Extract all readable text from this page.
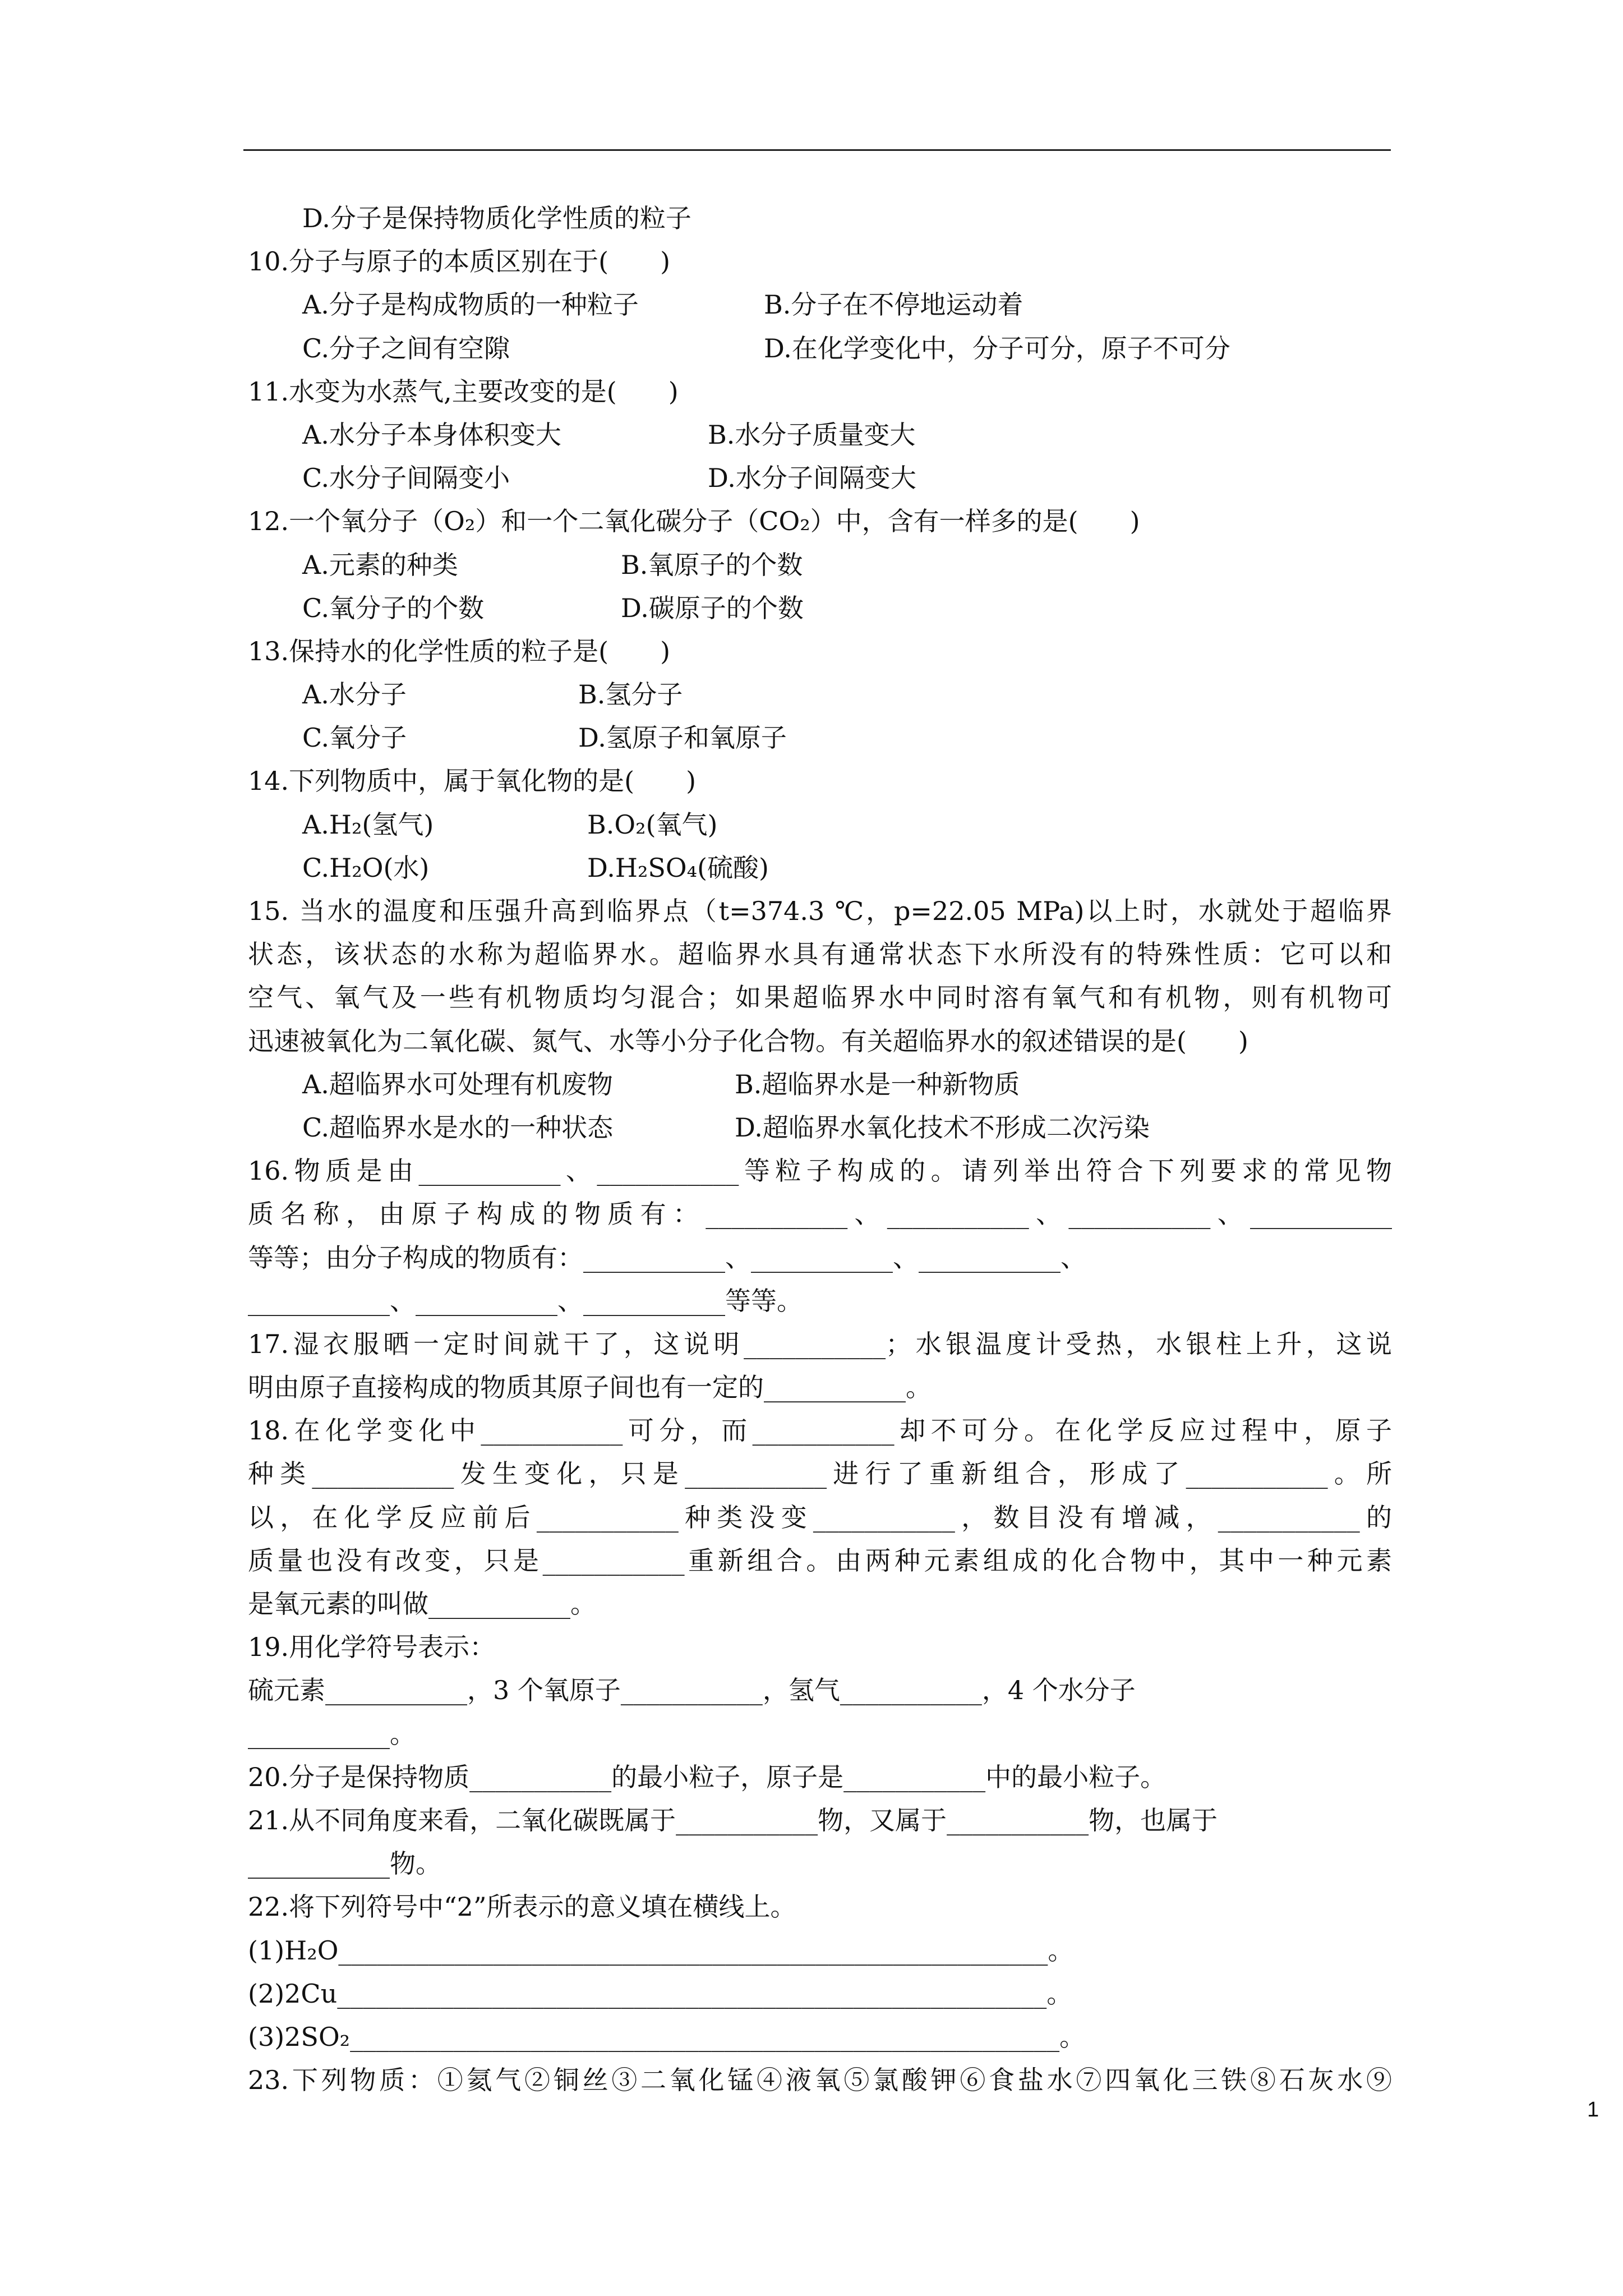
D.分子是保持物质化学性质的粒子
10.分子与原子的本质区别在于(　　)
A.分子是构成物质的一种粒子	B.分子在不停地运动着
C.分子之间有空隙	D.在化学变化中，分子可分，原子不可分
11.水变为水蒸气,主要改变的是(　　)
A.水分子本身体积变大	B.水分子质量变大
C.水分子间隔变小	D.水分子间隔变大
12.一个氧分子（O₂）和一个二氧化碳分子（CO₂）中，含有一样多的是(　　)
A.元素的种类	B.氧原子的个数
C.氧分子的个数	D.碳原子的个数
13.保持水的化学性质的粒子是(　　)
A.水分子	B.氢分子
C.氧分子	D.氢原子和氧原子
14.下列物质中，属于氧化物的是(　　)
A.H₂(氢气)	B.O₂(氧气)
C.H₂O(水)	D.H₂SO₄(硫酸)
15. 当水的温度和压强升高到临界点（t=374.3 ℃，p=22.05 MPa)以上时，水就处于超临界
状态，该状态的水称为超临界水。超临界水具有通常状态下水所没有的特殊性质：它可以和
空气、氧气及一些有机物质均匀混合；如果超临界水中同时溶有氧气和有机物，则有机物可
迅速被氧化为二氧化碳、氮气、水等小分子化合物。有关超临界水的叙述错误的是(　　)
A.超临界水可处理有机废物	B.超临界水是一种新物质
C.超临界水是水的一种状态	D.超临界水氧化技术不形成二次污染
16.物质是由___________、___________等粒子构成的。请列举出符合下列要求的常见物
质名称，由原子构成的物质有：___________、___________、___________、___________
等等；由分子构成的物质有：___________、___________、___________、
___________、___________、___________等等。
17.湿衣服晒一定时间就干了，这说明___________；水银温度计受热，水银柱上升，这说
明由原子直接构成的物质其原子间也有一定的___________。
18.在化学变化中___________可分，而___________却不可分。在化学反应过程中，原子
种类___________发生变化，只是___________进行了重新组合，形成了___________。所
以，在化学反应前后___________种类没变___________，数目没有增减，___________的
质量也没有改变，只是___________重新组合。由两种元素组成的化合物中，其中一种元素
是氧元素的叫做___________。
19.用化学符号表示：
硫元素___________，3 个氧原子___________，氢气___________，4 个水分子
___________。
20.分子是保持物质___________的最小粒子，原子是___________中的最小粒子。
21.从不同角度来看，二氧化碳既属于___________物，又属于___________物，也属于
___________物。
22.将下列符号中“2”所表示的意义填在横线上。
(1)H₂O_______________________________________________________。
(2)2Cu_______________________________________________________。
(3)2SO₂_______________________________________________________。
23.下列物质：①氦气②铜丝③二氧化锰④液氧⑤氯酸钾⑥食盐水⑦四氧化三铁⑧石灰水⑨
1
